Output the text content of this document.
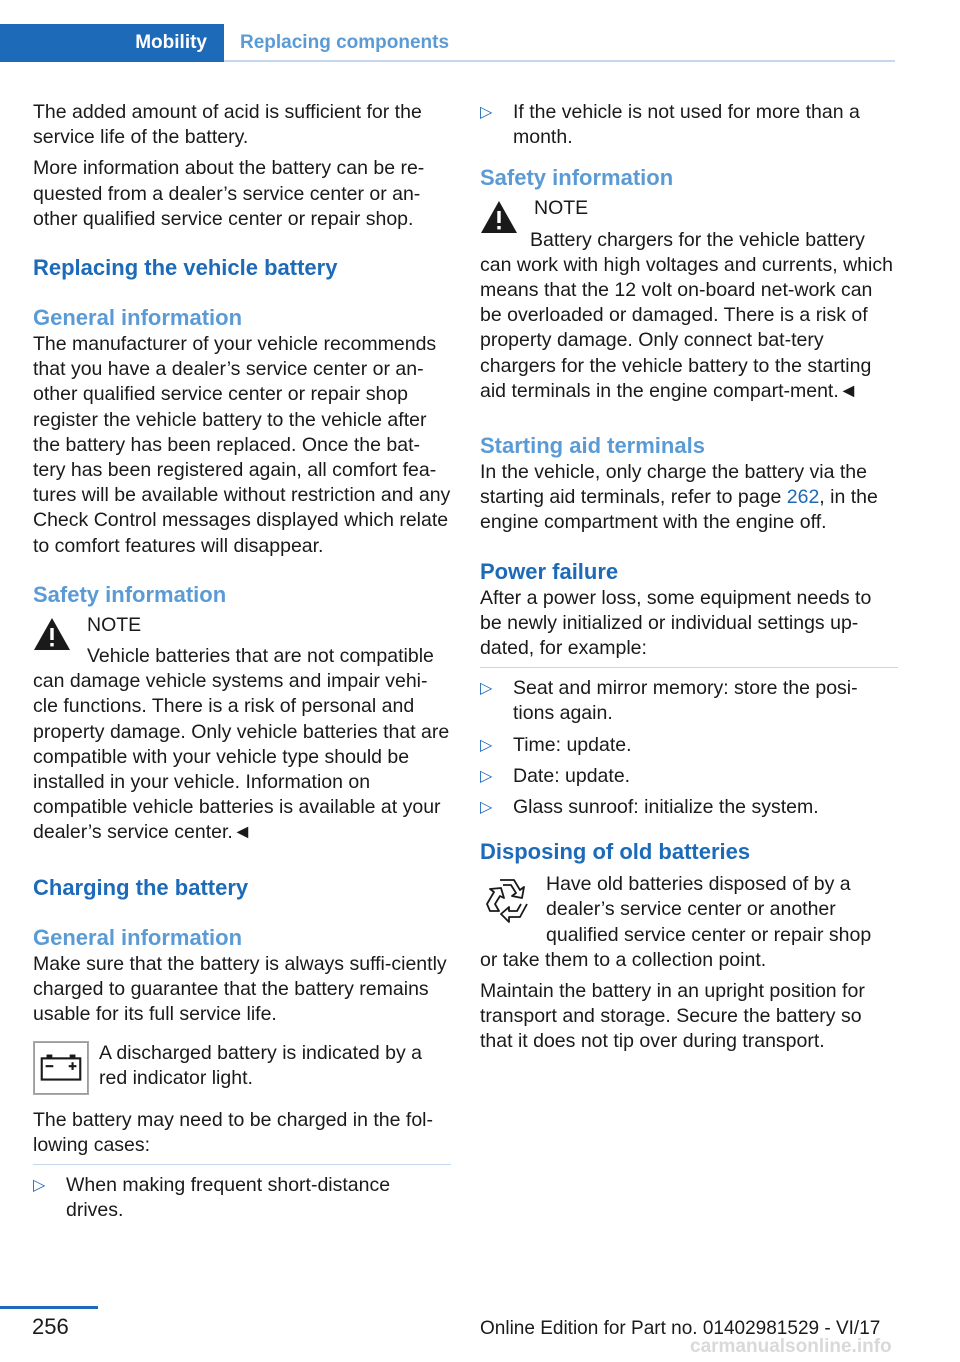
Mobility	Replacing components

The added amount of acid is sufficient for the service life of the battery.

More information about the battery can be re-quested from a dealer’s service center or an-other qualified service center or repair shop.

Replacing the vehicle battery
General information

The manufacturer of your vehicle recommends that you have a dealer’s service center or an-other qualified service center or repair shop register the vehicle battery to the vehicle after the battery has been replaced. Once the bat-tery has been registered again, all comfort fea-tures will be available without restriction and any Check Control messages displayed which relate to comfort features will disappear.

Safety information

NOTE

Vehicle batteries that are not compatible can damage vehicle systems and impair vehi-cle functions. There is a risk of personal and property damage. Only vehicle batteries that are compatible with your vehicle type should be installed in your vehicle. Information on compatible vehicle batteries is available at your dealer’s service center.◄

Charging the battery
General information

Make sure that the battery is always suffi-ciently charged to guarantee that the battery remains usable for its full service life.

A discharged battery is indicated by a red indicator light.

The battery may need to be charged in the fol-lowing cases:

▷ When making frequent short-distance drives.
▷ If the vehicle is not used for more than a month.
Safety information

NOTE

Battery chargers for the vehicle battery

can work with high voltages and currents, which means that the 12 volt on-board net-work can be overloaded or damaged. There is a risk of property damage. Only connect bat-tery chargers for the vehicle battery to the starting aid terminals in the engine compart-ment.◄

Starting aid terminals

In the vehicle, only charge the battery via the starting aid terminals, refer to page 262, in the engine compartment with the engine off.

Power failure

After a power loss, some equipment needs to be newly initialized or individual settings up-dated, for example:

▷ Seat and mirror memory: store the posi-tions again.
▷ Time: update.
▷ Date: update.
▷ Glass sunroof: initialize the system.
Disposing of old batteries

Have old batteries disposed of by a dealer’s service center or another qualified service center or repair shop

or take them to a collection point.

Maintain the battery in an upright position for transport and storage. Secure the battery so that it does not tip over during transport.

256	Online Edition for Part no. 01402981529 - VI/17
carmanualsonline.info
